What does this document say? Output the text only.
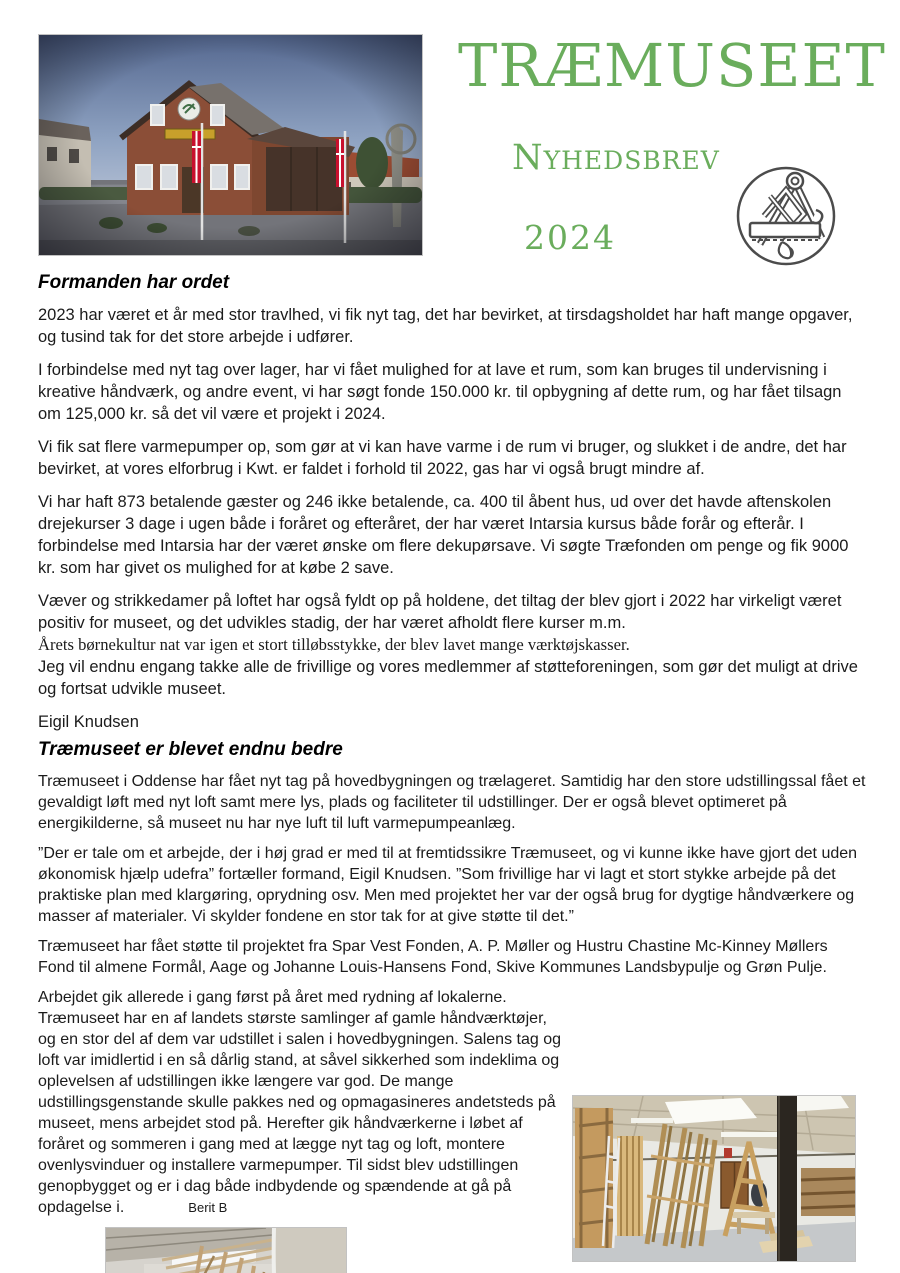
TRÆMUSEET
Nyhedsbrev
2024
Formanden har ordet

2023 har været et år med stor travlhed, vi fik nyt tag, det har bevirket, at tirsdagsholdet har haft mange opgaver, og tusind tak for det store arbejde i udfører.

I forbindelse med nyt tag over lager, har vi fået mulighed for at lave et rum, som kan bruges til undervisning i kreative håndværk, og andre event, vi har søgt fonde 150.000 kr. til opbygning af dette rum, og har fået tilsagn om 125,000 kr. så det vil være et projekt i 2024.

Vi fik sat flere varmepumper op, som gør at vi kan have varme i de rum vi bruger, og slukket i de andre, det har bevirket, at vores elforbrug i Kwt. er faldet i forhold til 2022, gas har vi også brugt mindre af.

Vi har haft 873 betalende gæster og 246 ikke betalende, ca. 400 til åbent hus, ud over det havde aftenskolen drejekurser 3 dage i ugen både i foråret og efteråret, der har været Intarsia kursus både forår og efterår. I forbindelse med Intarsia har der været ønske om flere dekupørsave. Vi søgte Træfonden om penge og fik 9000 kr. som har givet os mulighed for at købe 2 save.

Væver og strikkedamer på loftet har også fyldt op på holdene, det tiltag der blev gjort i 2022 har virkeligt været positiv for museet, og det udvikles stadig, der har været afholdt flere kurser m.m.
Årets børnekultur nat var igen et stort tilløbsstykke, der blev lavet mange værktøjskasser.
Jeg vil endnu engang takke alle de frivillige og vores medlemmer af støtteforeningen, som gør det muligt at drive og fortsat udvikle museet.

Eigil Knudsen

Træmuseet er blevet endnu bedre

Træmuseet i Oddense har fået nyt tag på hovedbygningen og trælageret. Samtidig har den store udstillingssal fået et gevaldigt løft med nyt loft samt mere lys, plads og faciliteter til udstillinger. Der er også blevet optimeret på energikilderne, så museet nu har nye luft til luft varmepumpeanlæg.

”Der er tale om et arbejde, der i høj grad er med til at fremtidssikre Træmuseet, og vi kunne ikke have gjort det uden økonomisk hjælp udefra” fortæller formand, Eigil Knudsen. ”Som frivillige har vi lagt et stort stykke arbejde på det praktiske plan med klargøring, oprydning osv. Men med projektet her var der også brug for dygtige håndværkere og masser af materialer. Vi skylder fondene en stor tak for at give støtte til det.”

Træmuseet har fået støtte til projektet fra Spar Vest Fonden, A. P. Møller og Hustru Chastine Mc-Kinney Møllers Fond til almene Formål, Aage og Johanne Louis-Hansens Fond, Skive Kommunes Landsbypulje og Grøn Pulje.

Arbejdet gik allerede i gang først på året med rydning af lokalerne. Træmuseet har en af landets største samlinger af gamle håndværktøjer, og en stor del af dem var udstillet i salen i hovedbygningen. Salens tag og loft var imidlertid i en så dårlig stand, at såvel sikkerhed som indeklima og oplevelsen af udstillingen ikke længere var god. De mange udstillingsgenstande skulle pakkes ned og opmagasineres andetsteds på museet, mens arbejdet stod på. Herefter gik håndværkerne i løbet af foråret og sommeren i gang med at lægge nyt tag og loft, montere ovenlysvinduer og installere varmepumper. Til sidst blev udstillingen genopbygget og er i dag både indbydende og spændende at gå på opdagelse i.	Berit B
